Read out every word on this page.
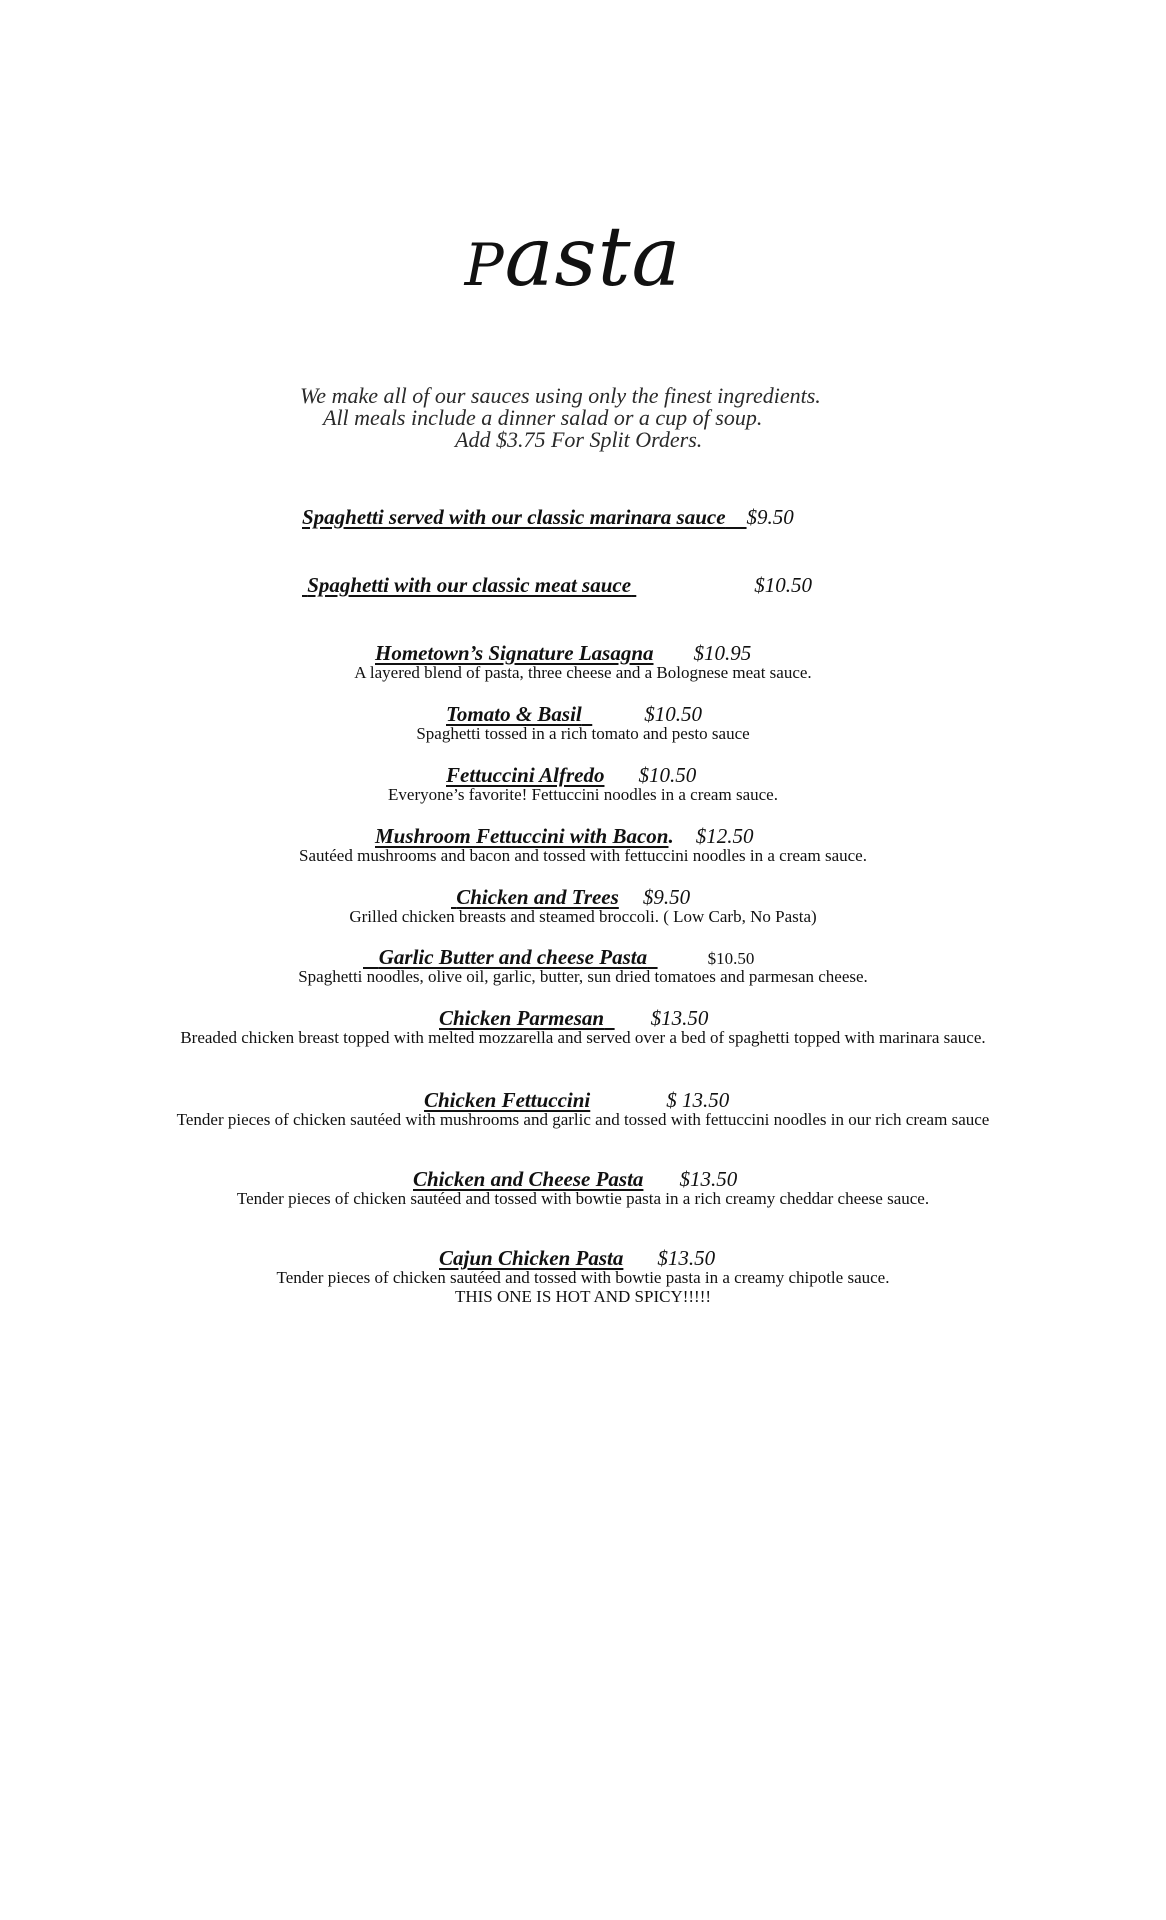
Pasta
We make all of our sauces using only the finest ingredients.
All meals include a dinner salad or a cup of soup.
Add $3.75 For Split Orders.
Spaghetti served with our classic marinara sauce $9.50
Spaghetti with our classic meat sauce	$10.50
Hometown’s Signature Lasagna $10.95
A layered blend of pasta, three cheese and a Bolognese meat sauce.
Tomato & Basil	$10.50
Spaghetti tossed in a rich tomato and pesto sauce
Fettuccini Alfredo $10.50
Everyone’s favorite! Fettuccini noodles in a cream sauce.
Mushroom Fettuccini with Bacon. $12.50
Sautéed mushrooms and bacon and tossed with fettuccini noodles in a cream sauce.
Chicken and Trees $9.50
Grilled chicken breasts and steamed broccoli. ( Low Carb, No Pasta)
Garlic Butter and cheese Pasta	$10.50
Spaghetti noodles, olive oil, garlic, butter, sun dried tomatoes and parmesan cheese.
Chicken Parmesan $13.50
Breaded chicken breast topped with melted mozzarella and served over a bed of spaghetti topped with marinara sauce.
Chicken Fettuccini	$ 13.50
Tender pieces of chicken sautéed with mushrooms and garlic and tossed with fettuccini noodles in our rich cream sauce
Chicken and Cheese Pasta $13.50
Tender pieces of chicken sautéed and tossed with bowtie pasta in a rich creamy cheddar cheese sauce.
Cajun Chicken Pasta $13.50
Tender pieces of chicken sautéed and tossed with bowtie pasta in a creamy chipotle sauce.
THIS ONE IS HOT AND SPICY!!!!!
